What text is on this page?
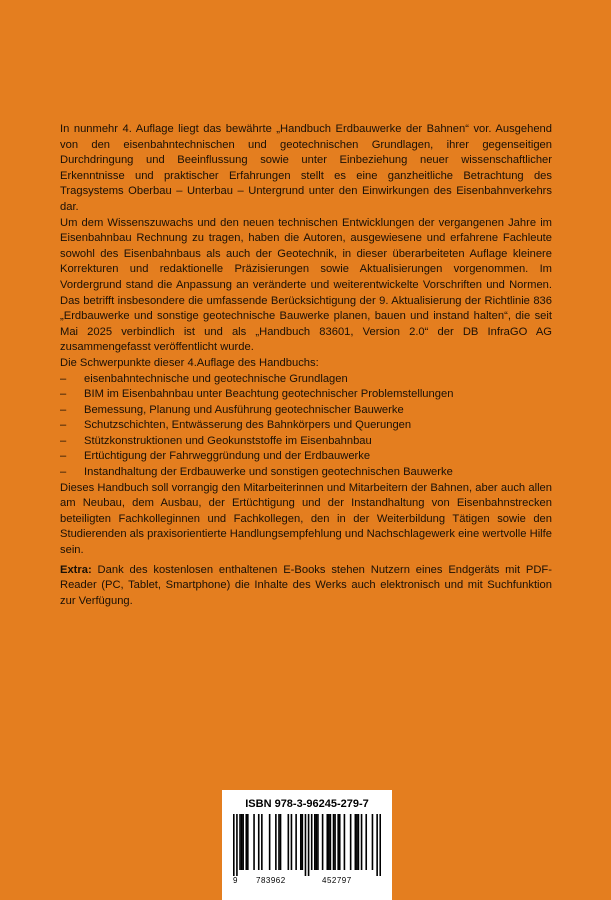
In nunmehr 4. Auflage liegt das bewährte „Handbuch Erdbauwerke der Bahnen“ vor. Ausgehend von den eisenbahntechnischen und geotechnischen Grundlagen, ihrer gegenseitigen Durchdringung und Beeinflussung sowie unter Einbeziehung neuer wissenschaftlicher Erkenntnisse und praktischer Erfahrungen stellt es eine ganzheitliche Betrachtung des Tragsystems Oberbau – Unterbau – Untergrund unter den Einwirkungen des Eisenbahnverkehrs dar.

Um dem Wissenszuwachs und den neuen technischen Entwicklungen der vergangenen Jahre im Eisenbahnbau Rechnung zu tragen, haben die Autoren, ausgewiesene und erfahrene Fachleute sowohl des Eisenbahnbaus als auch der Geotechnik, in dieser überarbeiteten Auflage kleinere Korrekturen und redaktionelle Präzisierungen sowie Aktualisierungen vorgenommen. Im Vordergrund stand die Anpassung an veränderte und weiterentwickelte Vorschriften und Normen. Das betrifft insbesondere die umfassende Berücksichtigung der 9. Aktualisierung der Richtlinie 836 „Erdbauwerke und sonstige geotechnische Bauwerke planen, bauen und instand halten“, die seit Mai 2025 verbindlich ist und als „Handbuch 83601, Version 2.0“ der DB InfraGO AG zusammengefasst veröffentlicht wurde.

Die Schwerpunkte dieser 4.Auflage des Handbuchs:

– eisenbahntechnische und geotechnische Grundlagen
– BIM im Eisenbahnbau unter Beachtung geotechnischer Problemstellungen
– Bemessung, Planung und Ausführung geotechnischer Bauwerke
– Schutzschichten, Entwässerung des Bahnkörpers und Querungen
– Stützkonstruktionen und Geokunststoffe im Eisenbahnbau
– Ertüchtigung der Fahrweggründung und der Erdbauwerke
– Instandhaltung der Erdbauwerke und sonstigen geotechnischen Bauwerke

Dieses Handbuch soll vorrangig den Mitarbeiterinnen und Mitarbeitern der Bahnen, aber auch allen am Neubau, dem Ausbau, der Ertüchtigung und der Instandhaltung von Eisenbahnstrecken beteiligten Fachkolleginnen und Fachkollegen, den in der Weiterbildung Tätigen sowie den Studierenden als praxisorientierte Handlungsempfehlung und Nachschlagewerk eine wertvolle Hilfe sein.

Extra: Dank des kostenlosen enthaltenen E-Books stehen Nutzern eines Endgeräts mit PDF-Reader (PC, Tablet, Smartphone) die Inhalte des Werks auch elektronisch und mit Suchfunktion zur Verfügung.

ISBN 978-3-96245-279-7
9 783962	452797
